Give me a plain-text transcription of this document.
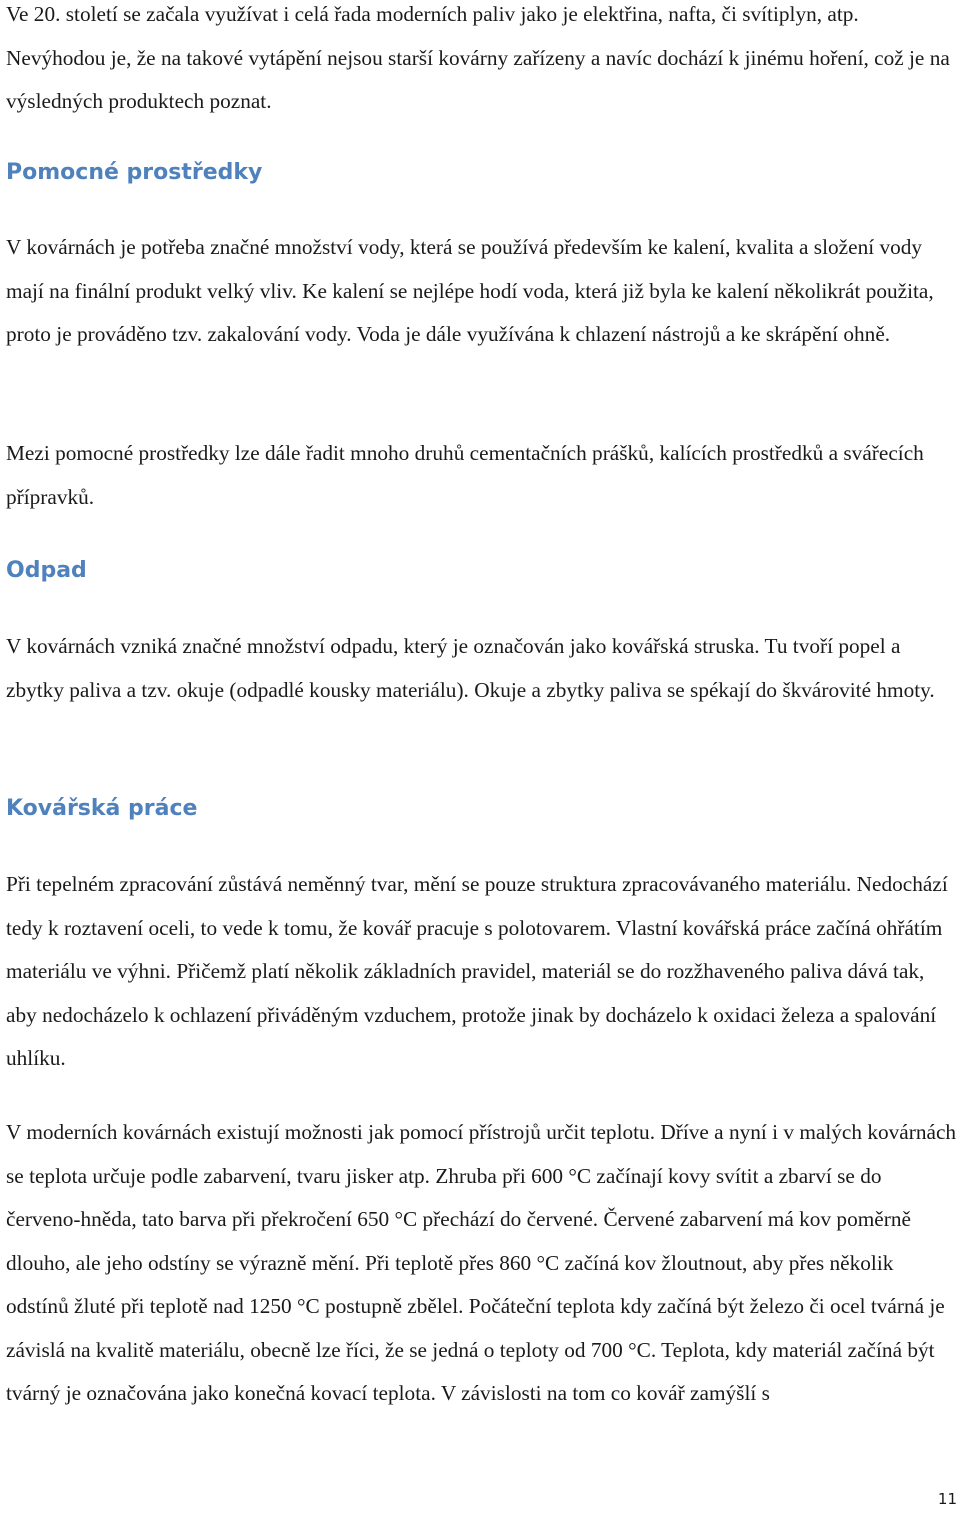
Ve 20. století se začala využívat i celá řada moderních paliv jako je elektřina, nafta, či svítiplyn, atp. Nevýhodou je, že na takové vytápění nejsou starší kovárny zařízeny a navíc dochází k jinému hoření, což je na výsledných produktech poznat.

Pomocné prostředky

V kovárnách je potřeba značné množství vody, která se používá především ke kalení, kvalita a složení vody mají na finální produkt velký vliv. Ke kalení se nejlépe hodí voda, která již byla ke kalení několikrát použita, proto je prováděno tzv. zakalování vody. Voda je dále využívána k chlazení nástrojů a ke skrápění ohně.

Mezi pomocné prostředky lze dále řadit mnoho druhů cementačních prášků, kalících prostředků a svářecích přípravků.

Odpad

V kovárnách vzniká značné množství odpadu, který je označován jako kovářská struska. Tu tvoří popel a zbytky paliva a tzv. okuje (odpadlé kousky materiálu). Okuje a zbytky paliva se spékají do škvárovité hmoty.

Kovářská práce

Při tepelném zpracování zůstává neměnný tvar, mění se pouze struktura zpracovávaného materiálu. Nedochází tedy k roztavení oceli, to vede k tomu, že kovář pracuje s polotovarem. Vlastní kovářská práce začíná ohřátím materiálu ve výhni. Přičemž platí několik základních pravidel, materiál se do rozžhaveného paliva dává tak, aby nedocházelo k ochlazení přiváděným vzduchem, protože jinak by docházelo k oxidaci železa a spalování uhlíku.

V moderních kovárnách existují možnosti jak pomocí přístrojů určit teplotu. Dříve a nyní i v malých kovárnách se teplota určuje podle zabarvení, tvaru jisker atp. Zhruba při 600 °C začínají kovy svítit a zbarví se do červeno-hněda, tato barva při překročení 650 °C přechází do červené. Červené zabarvení má kov poměrně dlouho, ale jeho odstíny se výrazně mění. Při teplotě přes 860 °C začíná kov žloutnout, aby přes několik odstínů žluté při teplotě nad 1250 °C postupně zbělel. Počáteční teplota kdy začíná být železo či ocel tvárná je závislá na kvalitě materiálu, obecně lze říci, že se jedná o teploty od 700 °C. Teplota, kdy materiál začíná být tvárný je označována jako konečná kovací teplota. V závislosti na tom co kovář zamýšlí s

11
